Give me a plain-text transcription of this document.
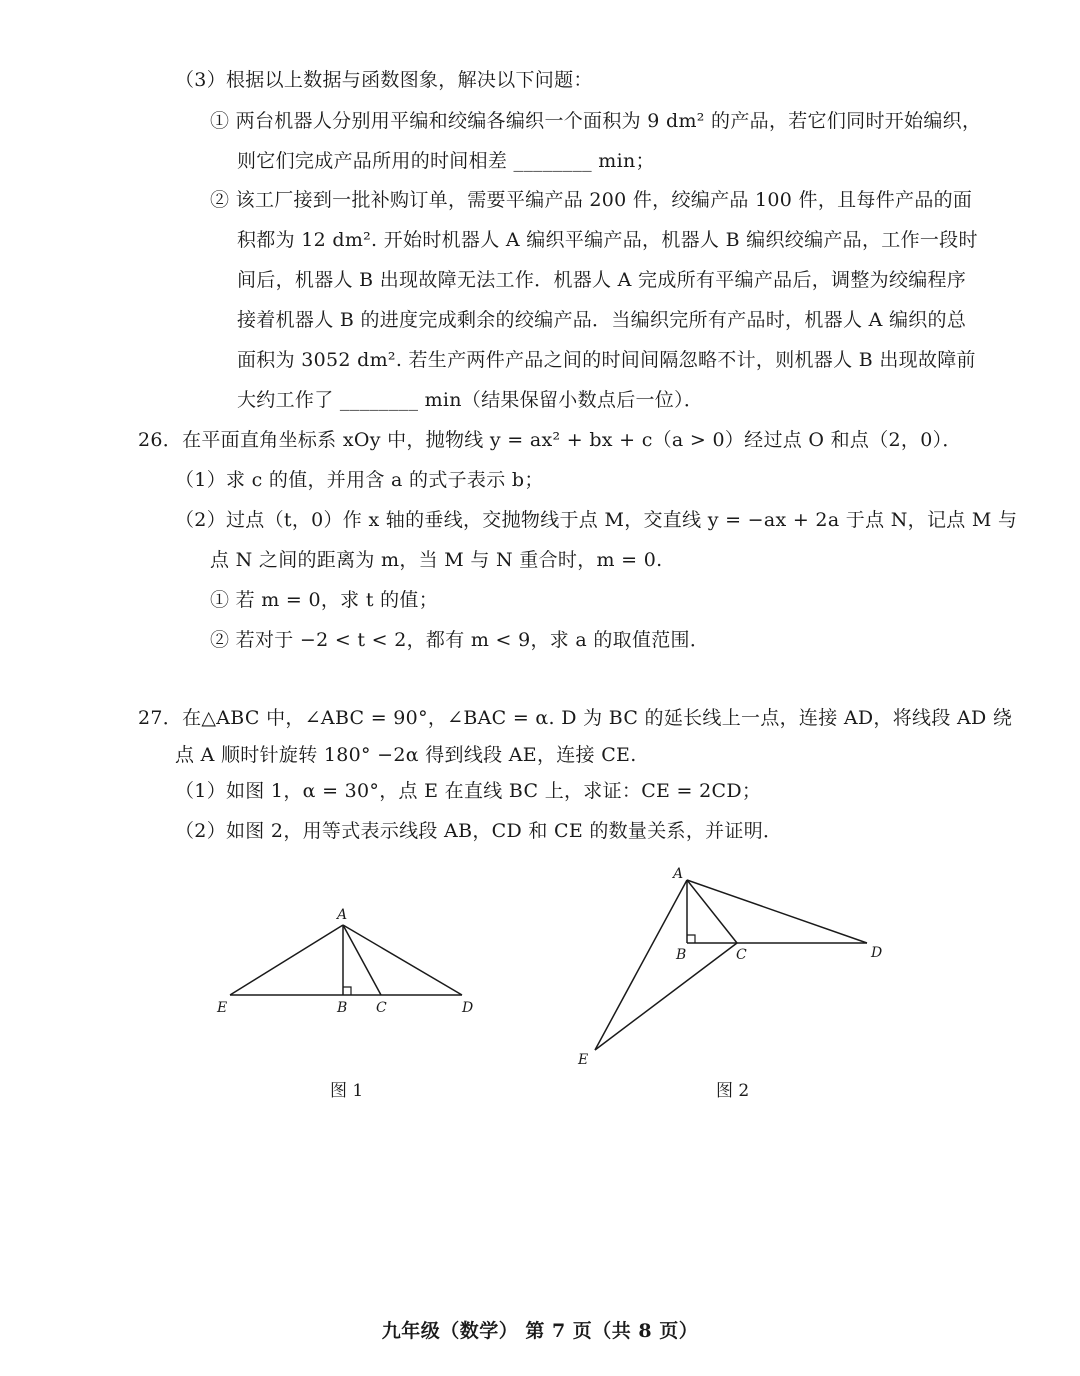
（3）根据以上数据与函数图象，解决以下问题：
① 两台机器人分别用平编和绞编各编织一个面积为 9 dm² 的产品，若它们同时开始编织，
则它们完成产品所用的时间相差 ________ min；
② 该工厂接到一批补购订单，需要平编产品 200 件，绞编产品 100 件，且每件产品的面
积都为 12 dm². 开始时机器人 A 编织平编产品，机器人 B 编织绞编产品，工作一段时
间后，机器人 B 出现故障无法工作．机器人 A 完成所有平编产品后，调整为绞编程序
接着机器人 B 的进度完成剩余的绞编产品．当编织完所有产品时，机器人 A 编织的总
面积为 3052 dm². 若生产两件产品之间的时间间隔忽略不计，则机器人 B 出现故障前
大约工作了 ________ min（结果保留小数点后一位）．
26．在平面直角坐标系 xOy 中，抛物线 y = ax² + bx + c（a > 0）经过点 O 和点（2，0）．
（1）求 c 的值，并用含 a 的式子表示 b；
（2）过点（t，0）作 x 轴的垂线，交抛物线于点 M，交直线 y = −ax + 2a 于点 N，记点 M 与
点 N 之间的距离为 m，当 M 与 N 重合时，m = 0.
① 若 m = 0，求 t 的值；
② 若对于 −2 < t < 2，都有 m < 9，求 a 的取值范围．
27．在△ABC 中，∠ABC = 90°，∠BAC = α. D 为 BC 的延长线上一点，连接 AD，将线段 AD 绕
点 A 顺时针旋转 180° −2α 得到线段 AE，连接 CE.
（1）如图 1，α = 30°，点 E 在直线 BC 上，求证：CE = 2CD；
（2）如图 2，用等式表示线段 AB，CD 和 CE 的数量关系，并证明．
A
E	B C	D
图 1
A
B	C	D
E
图 2
九年级（数学） 第 7 页（共 8 页）
